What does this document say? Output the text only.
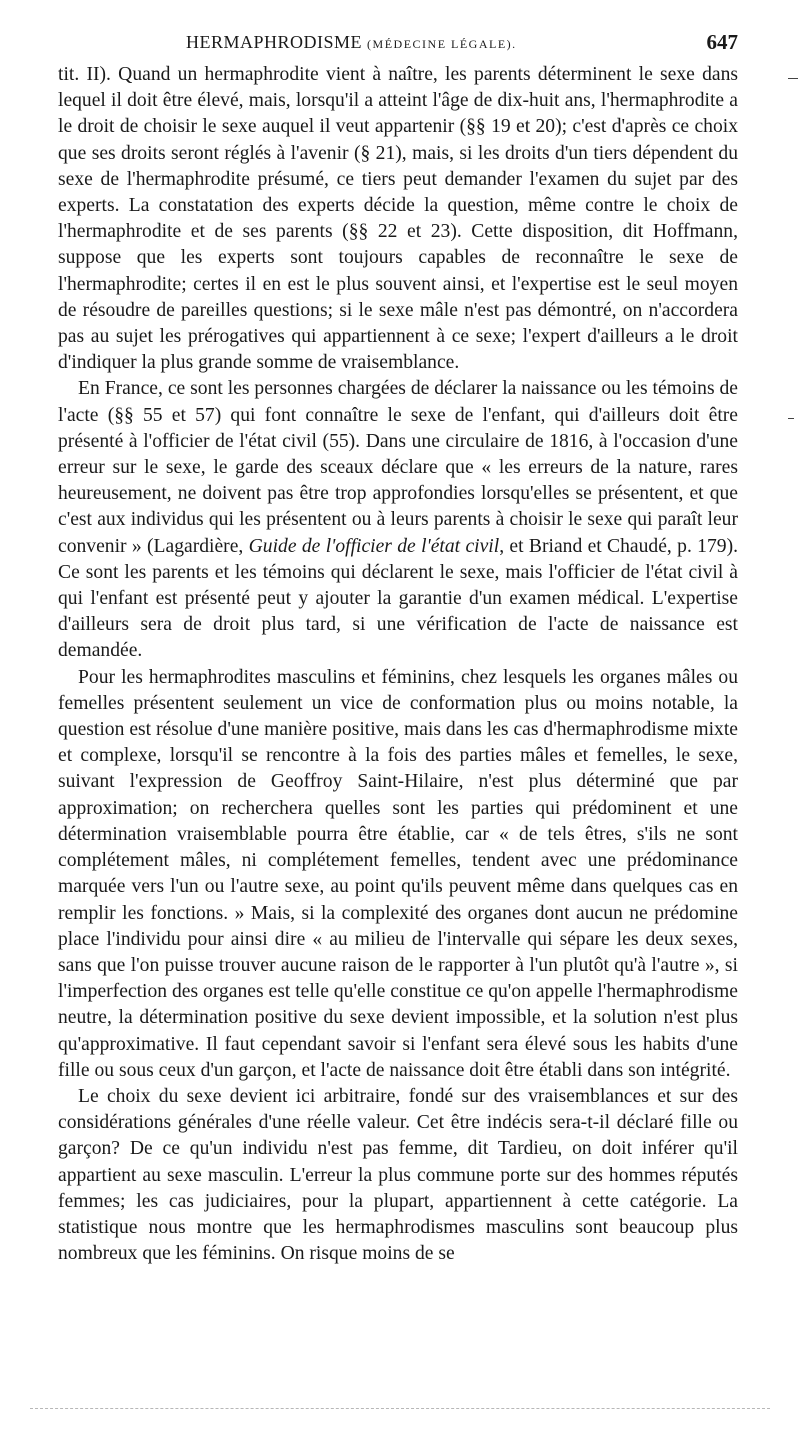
HERMAPHRODISME (MÉDECINE LÉGALE).	647

tit. II). Quand un hermaphrodite vient à naître, les parents déterminent le sexe dans lequel il doit être élevé, mais, lorsqu'il a atteint l'âge de dix-huit ans, l'hermaphrodite a le droit de choisir le sexe auquel il veut appartenir (§§ 19 et 20); c'est d'après ce choix que ses droits seront réglés à l'avenir (§ 21), mais, si les droits d'un tiers dépendent du sexe de l'hermaphrodite présumé, ce tiers peut demander l'examen du sujet par des experts. La constatation des experts décide la question, même contre le choix de l'hermaphrodite et de ses parents (§§ 22 et 23). Cette disposition, dit Hoffmann, suppose que les experts sont toujours capables de reconnaître le sexe de l'hermaphrodite; certes il en est le plus souvent ainsi, et l'expertise est le seul moyen de résoudre de pareilles questions; si le sexe mâle n'est pas démontré, on n'accordera pas au sujet les prérogatives qui appartiennent à ce sexe; l'expert d'ailleurs a le droit d'indiquer la plus grande somme de vraisemblance.

En France, ce sont les personnes chargées de déclarer la naissance ou les témoins de l'acte (§§ 55 et 57) qui font connaître le sexe de l'enfant, qui d'ailleurs doit être présenté à l'officier de l'état civil (55). Dans une circulaire de 1816, à l'occasion d'une erreur sur le sexe, le garde des sceaux déclare que « les erreurs de la nature, rares heureusement, ne doivent pas être trop approfondies lorsqu'elles se présentent, et que c'est aux individus qui les présentent ou à leurs parents à choisir le sexe qui paraît leur convenir » (Lagardière, Guide de l'officier de l'état civil, et Briand et Chaudé, p. 179). Ce sont les parents et les témoins qui déclarent le sexe, mais l'officier de l'état civil à qui l'enfant est présenté peut y ajouter la garantie d'un examen médical. L'expertise d'ailleurs sera de droit plus tard, si une vérification de l'acte de naissance est demandée.

Pour les hermaphrodites masculins et féminins, chez lesquels les organes mâles ou femelles présentent seulement un vice de conformation plus ou moins notable, la question est résolue d'une manière positive, mais dans les cas d'hermaphrodisme mixte et complexe, lorsqu'il se rencontre à la fois des parties mâles et femelles, le sexe, suivant l'expression de Geoffroy Saint-Hilaire, n'est plus déterminé que par approximation; on recherchera quelles sont les parties qui prédominent et une détermination vraisemblable pourra être établie, car « de tels êtres, s'ils ne sont complétement mâles, ni complétement femelles, tendent avec une prédominance marquée vers l'un ou l'autre sexe, au point qu'ils peuvent même dans quelques cas en remplir les fonctions. » Mais, si la complexité des organes dont aucun ne prédomine place l'individu pour ainsi dire « au milieu de l'intervalle qui sépare les deux sexes, sans que l'on puisse trouver aucune raison de le rapporter à l'un plutôt qu'à l'autre », si l'imperfection des organes est telle qu'elle constitue ce qu'on appelle l'hermaphrodisme neutre, la détermination positive du sexe devient impossible, et la solution n'est plus qu'approximative. Il faut cependant savoir si l'enfant sera élevé sous les habits d'une fille ou sous ceux d'un garçon, et l'acte de naissance doit être établi dans son intégrité.

Le choix du sexe devient ici arbitraire, fondé sur des vraisemblances et sur des considérations générales d'une réelle valeur. Cet être indécis sera-t-il déclaré fille ou garçon? De ce qu'un individu n'est pas femme, dit Tardieu, on doit inférer qu'il appartient au sexe masculin. L'erreur la plus commune porte sur des hommes réputés femmes; les cas judiciaires, pour la plupart, appartiennent à cette catégorie. La statistique nous montre que les hermaphrodismes masculins sont beaucoup plus nombreux que les féminins. On risque moins de se
